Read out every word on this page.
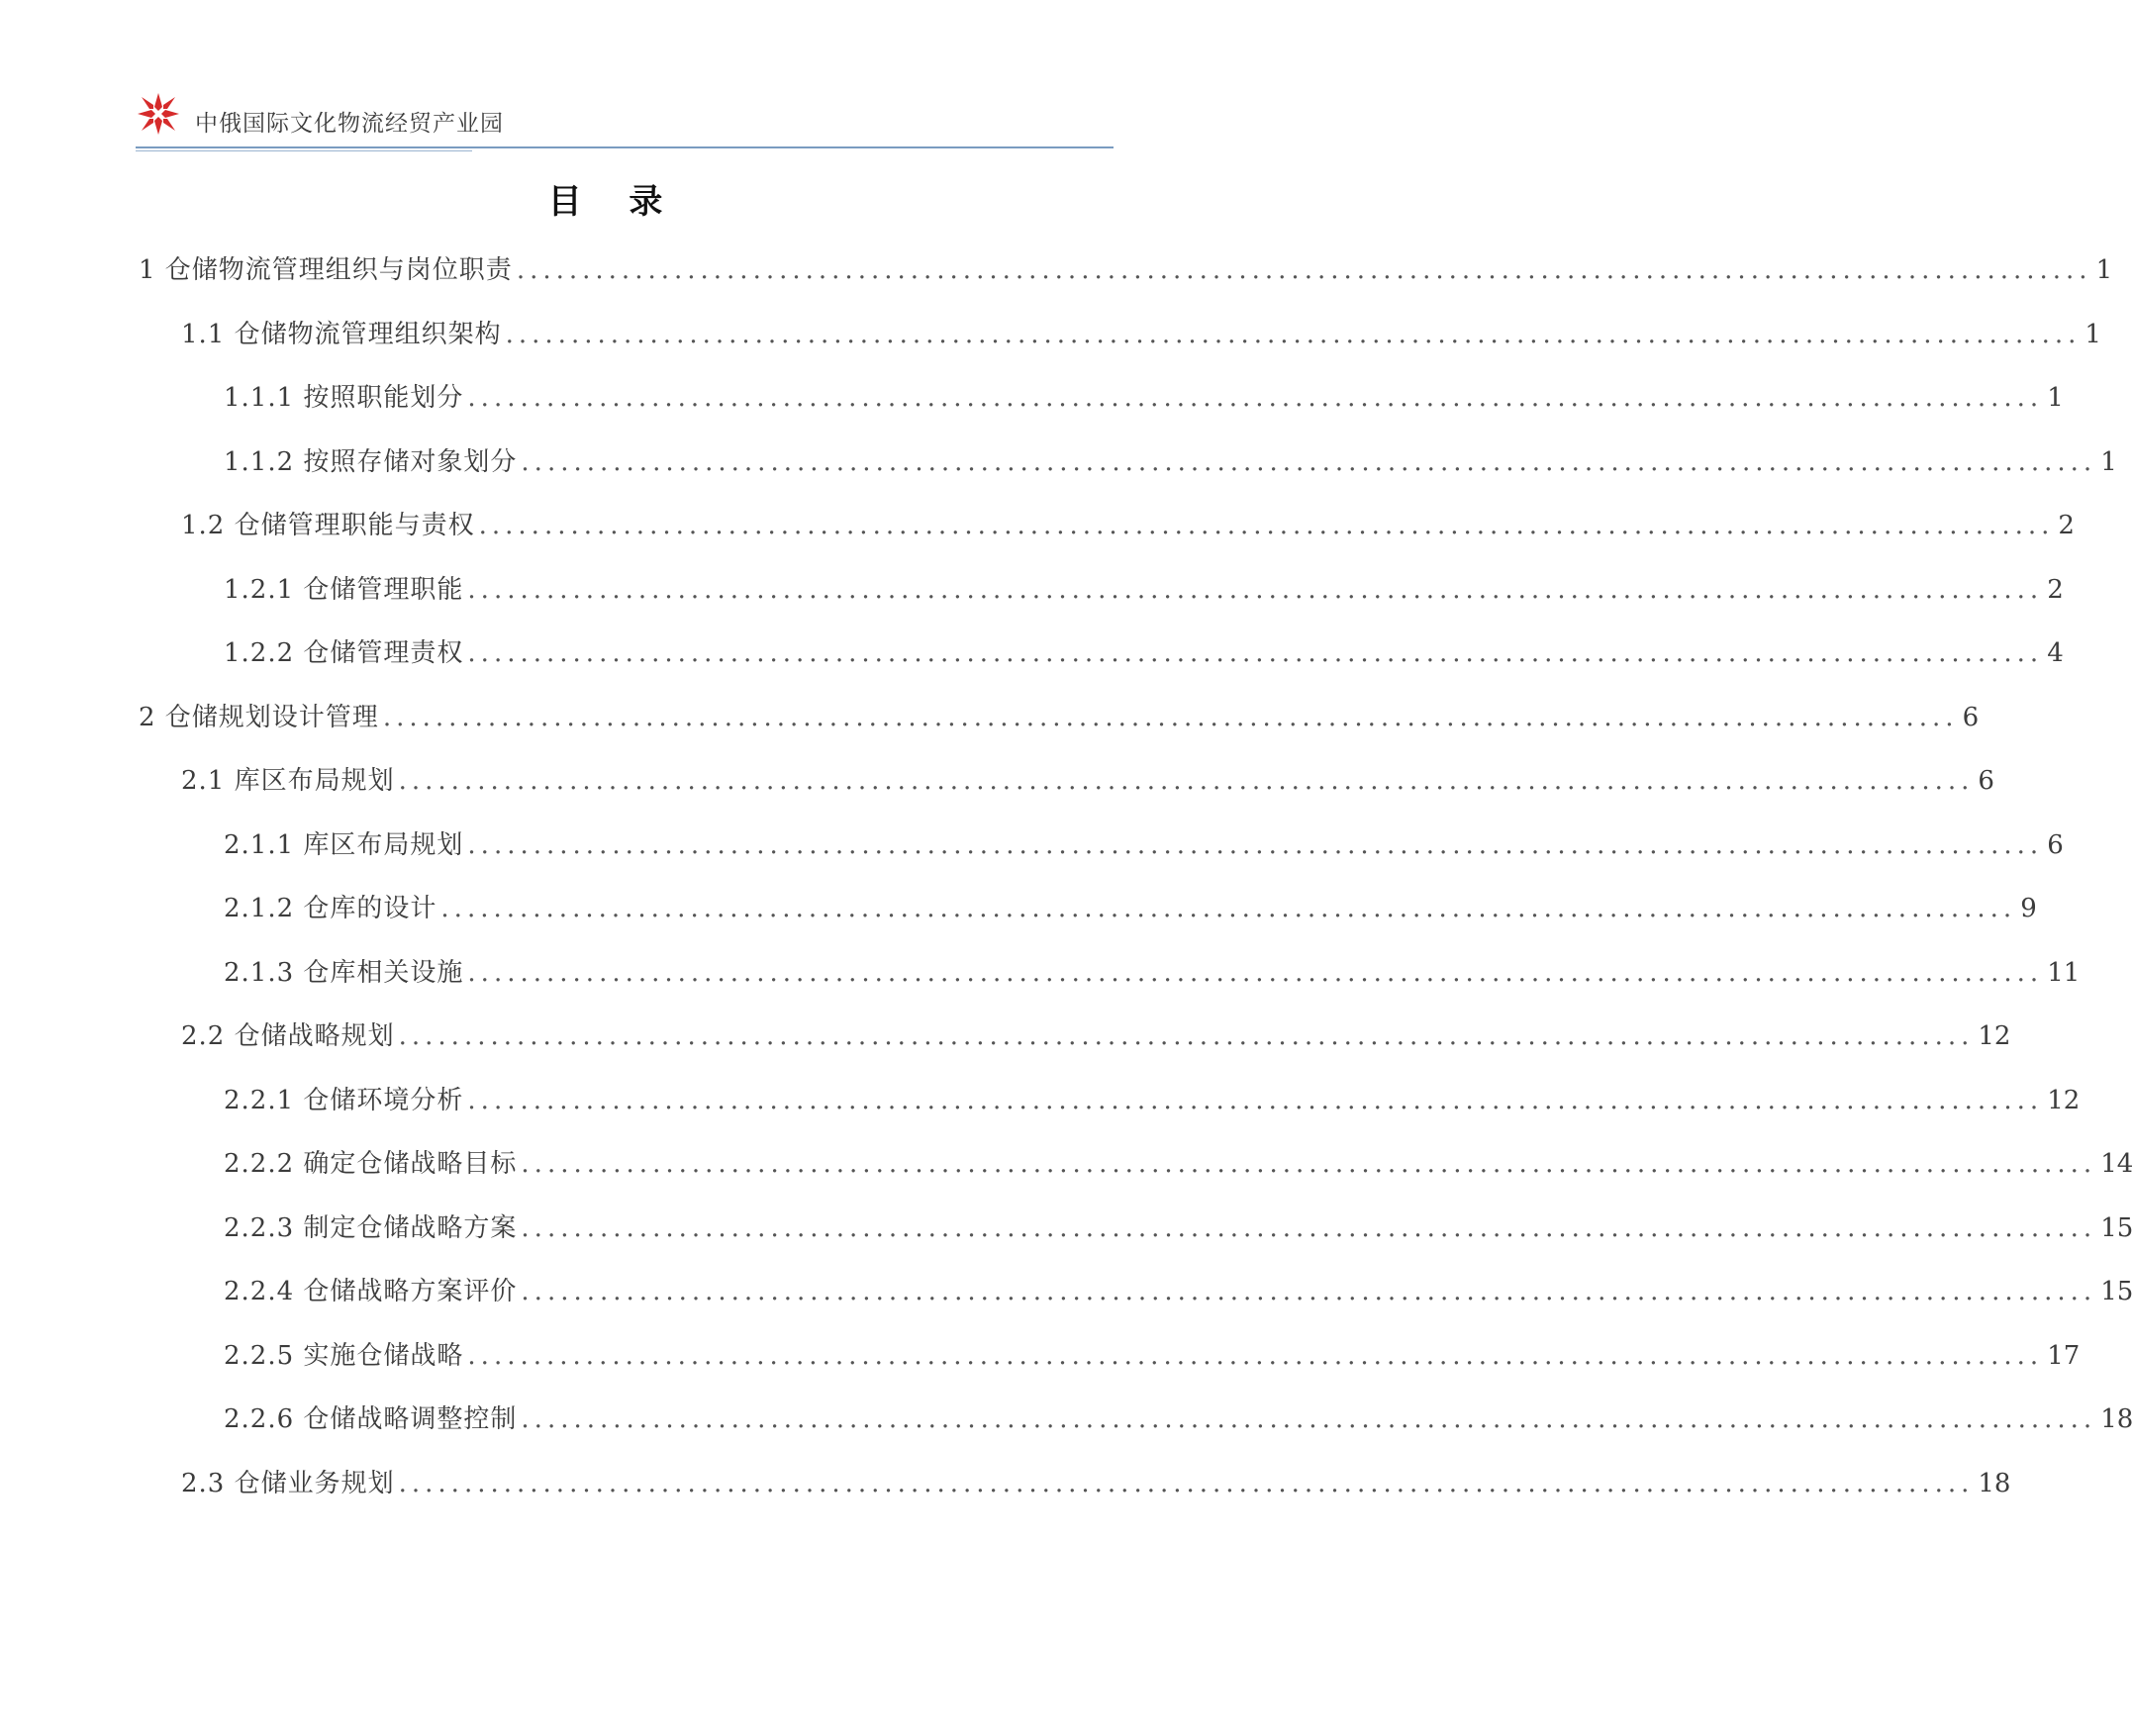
中俄国际文化物流经贸产业园
目 录
1 仓储物流管理组织与岗位职责 ........................................................................................................................ 1
1.1 仓储物流管理组织架构 ........................................................................................................................ 1
1.1.1 按照职能划分 ........................................................................................................................ 1
1.1.2 按照存储对象划分 ........................................................................................................................ 1
1.2 仓储管理职能与责权 ........................................................................................................................ 2
1.2.1 仓储管理职能 ........................................................................................................................ 2
1.2.2 仓储管理责权 ........................................................................................................................ 4
2 仓储规划设计管理 ........................................................................................................................ 6
2.1 库区布局规划 ........................................................................................................................ 6
2.1.1 库区布局规划 ........................................................................................................................ 6
2.1.2 仓库的设计 ........................................................................................................................ 9
2.1.3 仓库相关设施 ........................................................................................................................ 11
2.2 仓储战略规划 ........................................................................................................................ 12
2.2.1 仓储环境分析 ........................................................................................................................ 12
2.2.2 确定仓储战略目标 ........................................................................................................................ 14
2.2.3 制定仓储战略方案 ........................................................................................................................ 15
2.2.4 仓储战略方案评价 ........................................................................................................................ 15
2.2.5 实施仓储战略 ........................................................................................................................ 17
2.2.6 仓储战略调整控制 ........................................................................................................................ 18
2.3 仓储业务规划 ........................................................................................................................ 18
